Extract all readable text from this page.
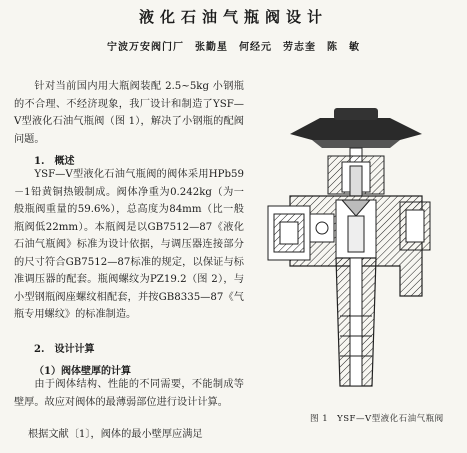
液化石油气瓶阀设计
宁波万安阀门厂　张勤星　何经元　劳志奎　陈　敏

针对当前国内用大瓶阀装配 2.5~5kg 小钢瓶的不合理、不经济现象，我厂设计和制造了YSF—V型液化石油气瓶阀（图 1），解决了小钢瓶的配阀问题。

1.　概述

YSF—V型液化石油气瓶阀的阀体采用HPb59－1铅黄铜热锻制成。阀体净重为0.242kg（为一般瓶阀重量的59.6%），总高度为84mm（比一般瓶阀低22mm）。本瓶阀是以GB7512—87《液化石油气瓶阀》标准为设计依据，与调压器连接部分的尺寸符合GB7512—87标准的规定，以保证与标准调压器的配套。瓶阀螺纹为PZ19.2（图 2），与小型钢瓶阀座螺纹相配套，并按GB8335—87《气瓶专用螺纹》的标准制造。

2.　设计计算
（1）阀体壁厚的计算

由于阀体结构、性能的不同需要，不能制成等壁厚。故应对阀体的最薄弱部位进行设计计算。

根据文献〔1〕，阀体的最小壁厚应满足
图 1　YSF—V型液化石油气瓶阀
